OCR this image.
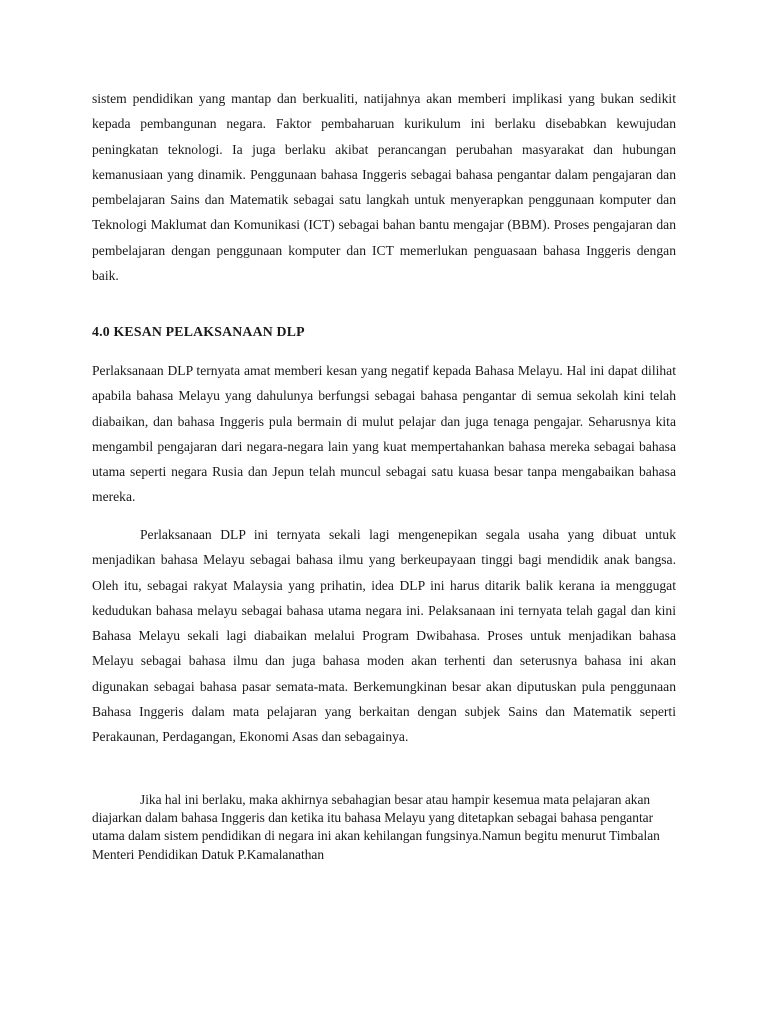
sistem pendidikan yang mantap dan berkualiti, natijahnya akan memberi implikasi yang bukan sedikit kepada pembangunan negara. Faktor pembaharuan kurikulum ini berlaku disebabkan kewujudan peningkatan teknologi. Ia juga berlaku akibat perancangan perubahan masyarakat dan hubungan kemanusiaan yang dinamik. Penggunaan bahasa Inggeris sebagai bahasa pengantar dalam pengajaran dan pembelajaran Sains dan Matematik sebagai satu langkah untuk menyerapkan penggunaan komputer dan Teknologi Maklumat dan Komunikasi (ICT) sebagai bahan bantu mengajar (BBM). Proses pengajaran dan pembelajaran dengan penggunaan komputer dan ICT memerlukan penguasaan bahasa Inggeris dengan baik.

4.0 KESAN PELAKSANAAN DLP

Perlaksanaan DLP ternyata amat memberi kesan yang negatif kepada Bahasa Melayu. Hal ini dapat dilihat apabila bahasa Melayu yang dahulunya berfungsi sebagai bahasa pengantar di semua sekolah kini telah diabaikan, dan bahasa Inggeris pula bermain di mulut pelajar dan juga tenaga pengajar. Seharusnya kita mengambil pengajaran dari negara-negara lain yang kuat mempertahankan bahasa mereka sebagai bahasa utama seperti negara Rusia dan Jepun telah muncul sebagai satu kuasa besar tanpa mengabaikan bahasa mereka.

Perlaksanaan DLP ini ternyata sekali lagi mengenepikan segala usaha yang dibuat untuk menjadikan bahasa Melayu sebagai bahasa ilmu yang berkeupayaan tinggi bagi mendidik anak bangsa. Oleh itu, sebagai rakyat Malaysia yang prihatin, idea DLP ini harus ditarik balik kerana ia menggugat kedudukan bahasa melayu sebagai bahasa utama negara ini. Pelaksanaan ini ternyata telah gagal dan kini Bahasa Melayu sekali lagi diabaikan melalui Program Dwibahasa. Proses untuk menjadikan bahasa Melayu sebagai bahasa ilmu dan juga bahasa moden akan terhenti dan seterusnya bahasa ini akan digunakan sebagai bahasa pasar semata-mata. Berkemungkinan besar akan diputuskan pula penggunaan Bahasa Inggeris dalam mata pelajaran yang berkaitan dengan subjek Sains dan Matematik seperti Perakaunan, Perdagangan, Ekonomi Asas dan sebagainya.

Jika hal ini berlaku, maka akhirnya sebahagian besar atau hampir kesemua mata pelajaran akan diajarkan dalam bahasa Inggeris dan ketika itu bahasa Melayu yang ditetapkan sebagai bahasa pengantar utama dalam sistem pendidikan di negara ini akan kehilangan fungsinya.Namun begitu menurut Timbalan Menteri Pendidikan Datuk P.Kamalanathan
